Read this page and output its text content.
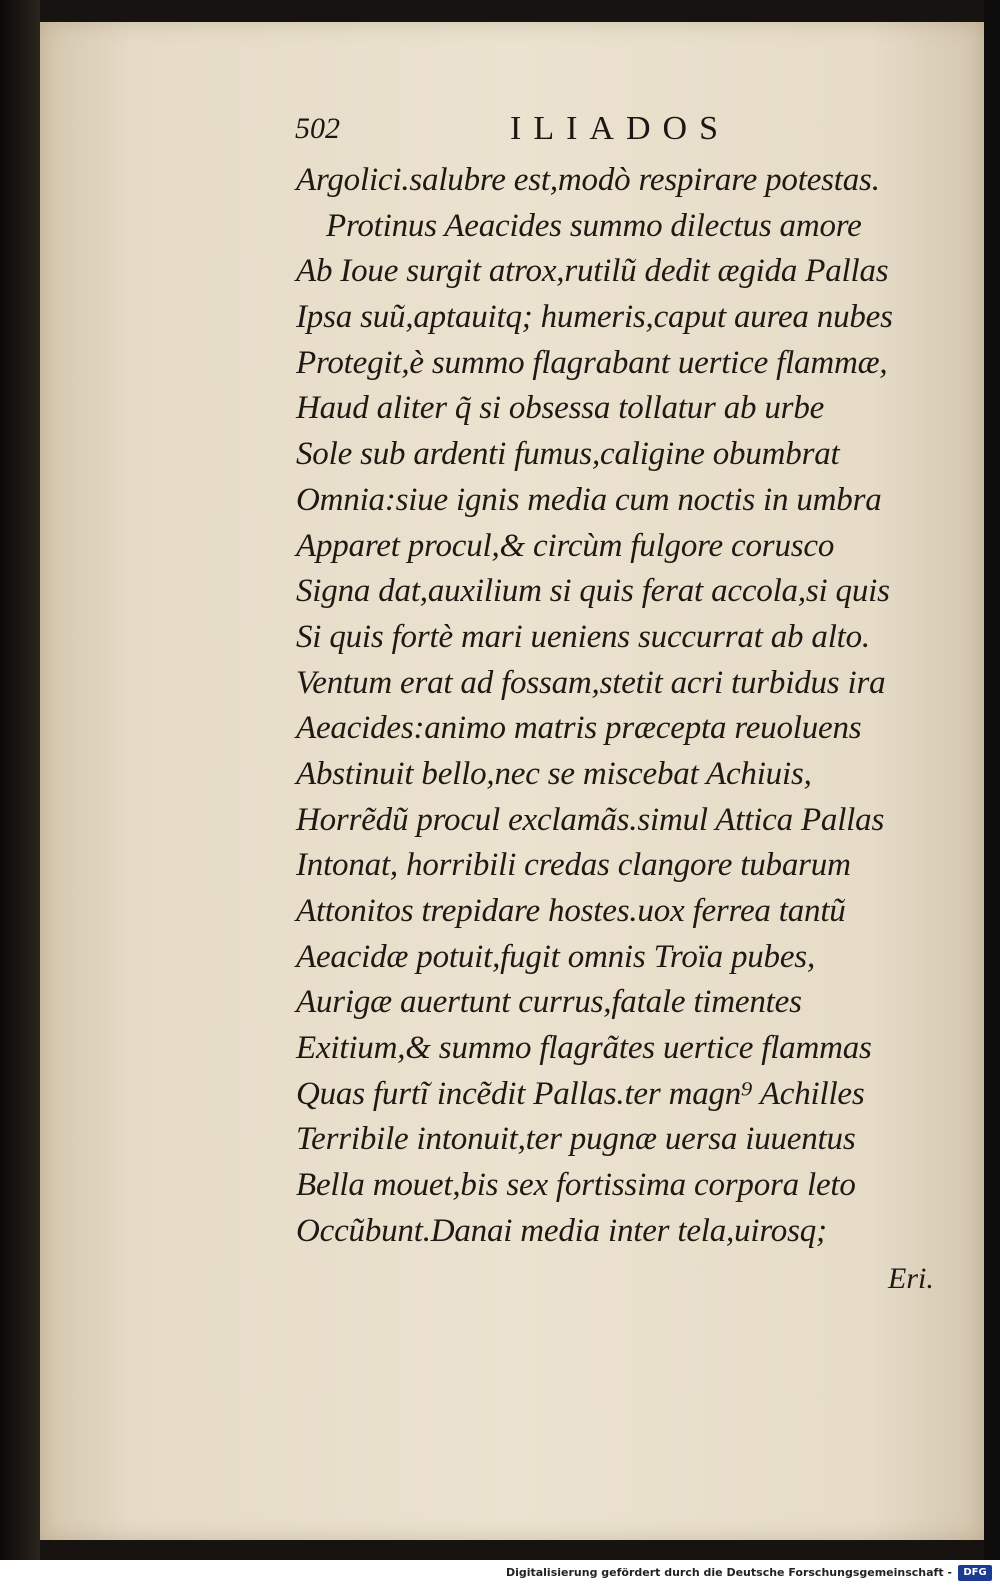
502	ILIADOS
Argolici.salubre est,modò respirare potestas.
Protinus Aeacides summo dilectus amore
Ab Ioue surgit atrox,rutilũ dedit ægida Pallas
Ipsa suũ,aptauitq; humeris,caput aurea nubes
Protegit,è summo flagrabant uertice flammæ,
Haud aliter q̃ si obsessa tollatur ab urbe
Sole sub ardenti fumus,caligine obumbrat
Omnia:siue ignis media cum noctis in umbra
Apparet procul,& circùm fulgore corusco
Signa dat,auxilium si quis ferat accola,si quis
Si quis fortè mari ueniens succurrat ab alto.
Ventum erat ad fossam,stetit acri turbidus ira
Aeacides:animo matris præcepta reuoluens
Abstinuit bello,nec se miscebat Achiuis,
Horrẽdũ procul exclamãs.simul Attica Pallas
Intonat, horribili credas clangore tubarum
Attonitos trepidare hostes.uox ferrea tantũ
Aeacidæ potuit,fugit omnis Troïa pubes,
Aurigæ auertunt currus,fatale timentes
Exitium,& summo flagrãtes uertice flammas
Quas furtĩ incẽdit Pallas.ter magn⁹ Achilles
Terribile intonuit,ter pugnæ uersa iuuentus
Bella mouet,bis sex fortissima corpora leto
Occũbunt.Danai media inter tela,uirosq;
Eri.
Digitalisierung gefördert durch die Deutsche Forschungsgemeinschaft -	DFG
